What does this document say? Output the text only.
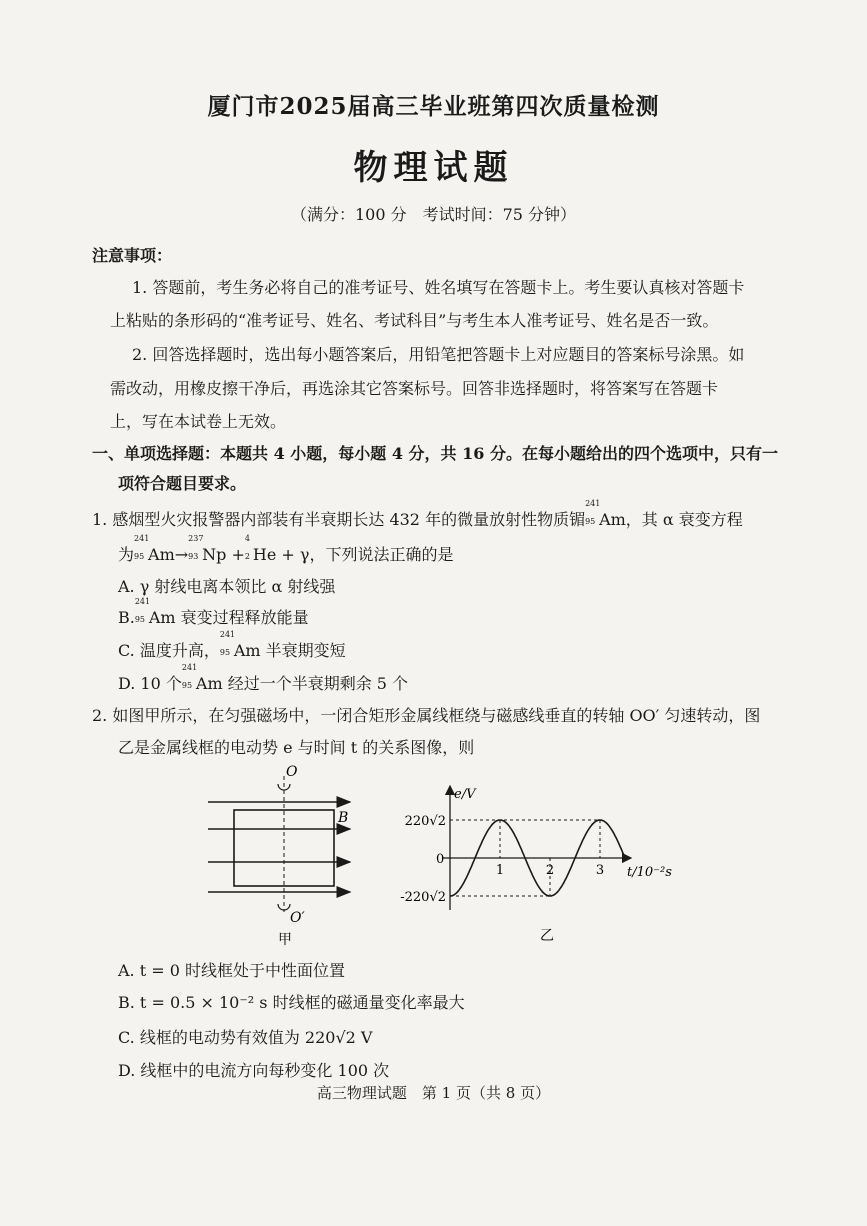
厦门市2025届高三毕业班第四次质量检测
物理试题
（满分：100 分　考试时间：75 分钟）
注意事项：
1. 答题前，考生务必将自己的准考证号、姓名填写在答题卡上。考生要认真核对答题卡
上粘贴的条形码的“准考证号、姓名、考试科目”与考生本人准考证号、姓名是否一致。
2. 回答选择题时，选出每小题答案后，用铅笔把答题卡上对应题目的答案标号涂黑。如
需改动，用橡皮擦干净后，再选涂其它答案标号。回答非选择题时，将答案写在答题卡
上，写在本试卷上无效。
一、单项选择题：本题共 4 小题，每小题 4 分，共 16 分。在每小题给出的四个选项中，只有一
项符合题目要求。
1. 感烟型火灾报警器内部装有半衰期长达 432 年的微量放射性物质镅
241
95 Am，其 α 衰变方程
为
241
95 Am→
237
93 Np +
4
2 He + γ，下列说法正确的是
A. γ 射线电离本领比 α 射线强
B.
241
95 Am 衰变过程释放能量
C. 温度升高，
241
95 Am 半衰期变短
D. 10 个
241
95 Am 经过一个半衰期剩余 5 个
2. 如图甲所示，在匀强磁场中，一闭合矩形金属线框绕与磁感线垂直的转轴 OO′ 匀速转动，图
乙是金属线框的电动势 e 与时间 t 的关系图像，则
O
O′
B
甲
e/V
t/10⁻²s
0
220√2
-220√2
1	2	3
乙
A. t = 0 时线框处于中性面位置
B. t = 0.5 × 10⁻² s 时线框的磁通量变化率最大
C. 线框的电动势有效值为 220√2 V
D. 线框中的电流方向每秒变化 100 次
高三物理试题　第 1 页（共 8 页）
